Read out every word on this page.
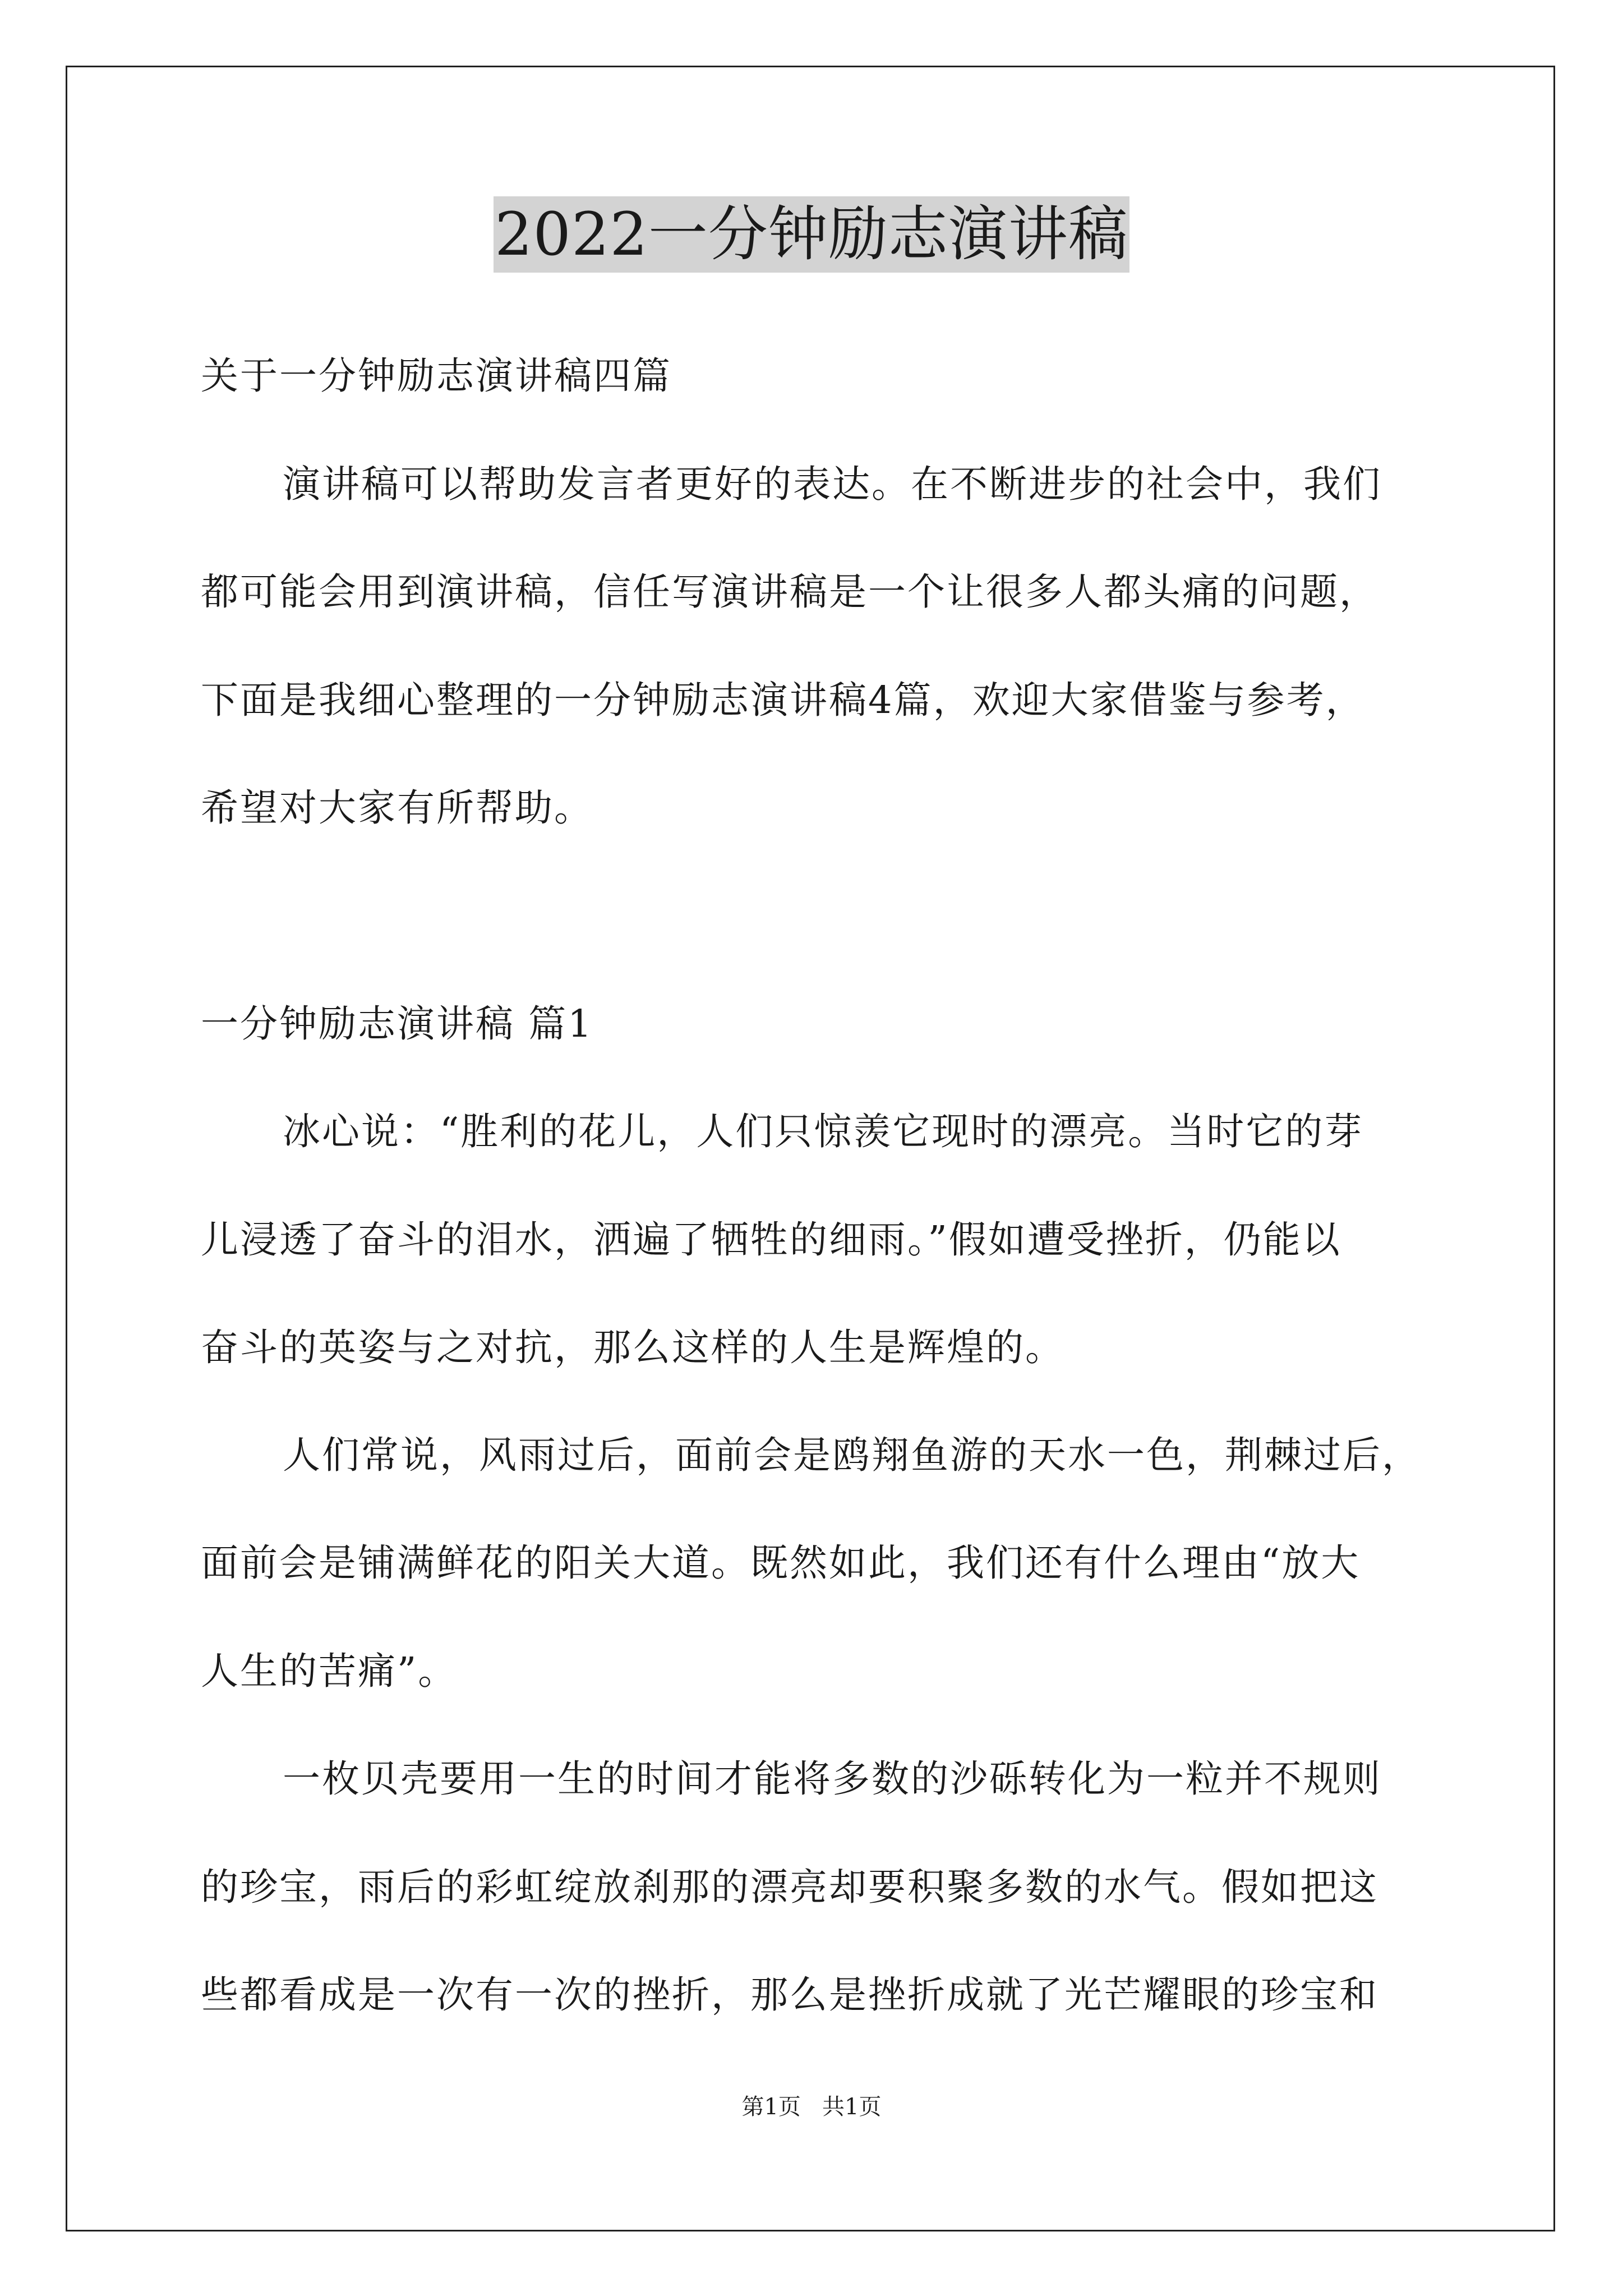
2022一分钟励志演讲稿
关于一分钟励志演讲稿四篇
演讲稿可以帮助发言者更好的表达。在不断进步的社会中，我们
都可能会用到演讲稿，信任写演讲稿是一个让很多人都头痛的问题，
下面是我细心整理的一分钟励志演讲稿4篇，欢迎大家借鉴与参考，
希望对大家有所帮助。
一分钟励志演讲稿 篇1
冰心说：“胜利的花儿，人们只惊羡它现时的漂亮。当时它的芽
儿浸透了奋斗的泪水，洒遍了牺牲的细雨。”假如遭受挫折，仍能以
奋斗的英姿与之对抗，那么这样的人生是辉煌的。
人们常说，风雨过后，面前会是鸥翔鱼游的天水一色，荆棘过后，
面前会是铺满鲜花的阳关大道。既然如此，我们还有什么理由“放大
人生的苦痛”。
一枚贝壳要用一生的时间才能将多数的沙砾转化为一粒并不规则
的珍宝，雨后的彩虹绽放刹那的漂亮却要积聚多数的水气。假如把这
些都看成是一次有一次的挫折，那么是挫折成就了光芒耀眼的珍宝和
第1页   共1页
